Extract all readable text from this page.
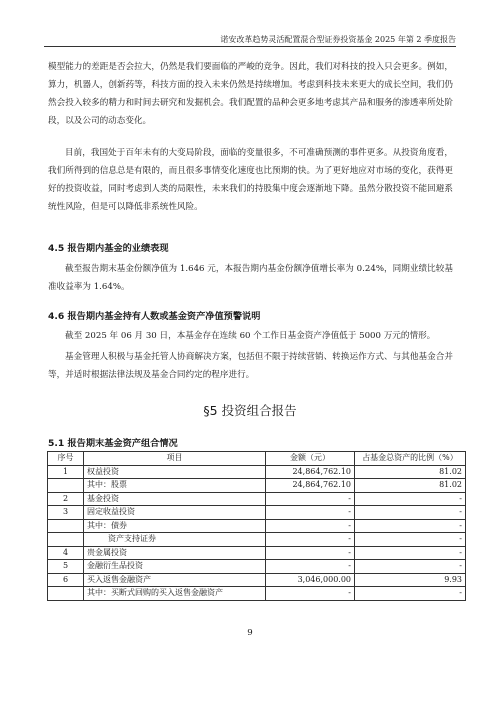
诺安改革趋势灵活配置混合型证券投资基金 2025 年第 2 季度报告

模型能力的差距是否会拉大，仍然是我们要面临的严峻的竞争。因此，我们对科技的投入只会更多。例如，算力，机器人，创新药等，科技方面的投入未来仍然是持续增加。考虑到科技未来更大的成长空间，我们仍然会投入较多的精力和时间去研究和发掘机会。我们配置的品种会更多地考虑其产品和服务的渗透率所处阶段，以及公司的动态变化。

目前，我国处于百年未有的大变局阶段，面临的变量很多，不可准确预测的事件更多。从投资角度看，我们所得到的信息总是有限的，而且很多事情变化速度也比预期的快。为了更好地应对市场的变化，获得更好的投资收益，同时考虑到人类的局限性，未来我们的持股集中度会逐渐地下降。虽然分散投资不能回避系统性风险，但是可以降低非系统性风险。

4.5 报告期内基金的业绩表现

截至报告期末基金份额净值为 1.646 元，本报告期内基金份额净值增长率为 0.24%，同期业绩比较基准收益率为 1.64%。

4.6 报告期内基金持有人数或基金资产净值预警说明

截至 2025 年 06 月 30 日，本基金存在连续 60 个工作日基金资产净值低于 5000 万元的情形。

基金管理人积极与基金托管人协商解决方案，包括但不限于持续营销、转换运作方式、与其他基金合并等，并适时根据法律法规及基金合同约定的程序进行。

§5 投资组合报告
5.1 报告期末基金资产组合情况
序号	项目	金额（元）	占基金总资产的比例（%）
1	权益投资	24,864,762.10	81.02
	其中：股票	24,864,762.10	81.02
2	基金投资	-	-
3	固定收益投资	-	-
	其中：债券	-	-
	资产支持证券	-	-
4	贵金属投资	-	-
5	金融衍生品投资	-	-
6	买入返售金融资产	3,046,000.00	9.93
	其中：买断式回购的买入返售金融资产	-	-
9
